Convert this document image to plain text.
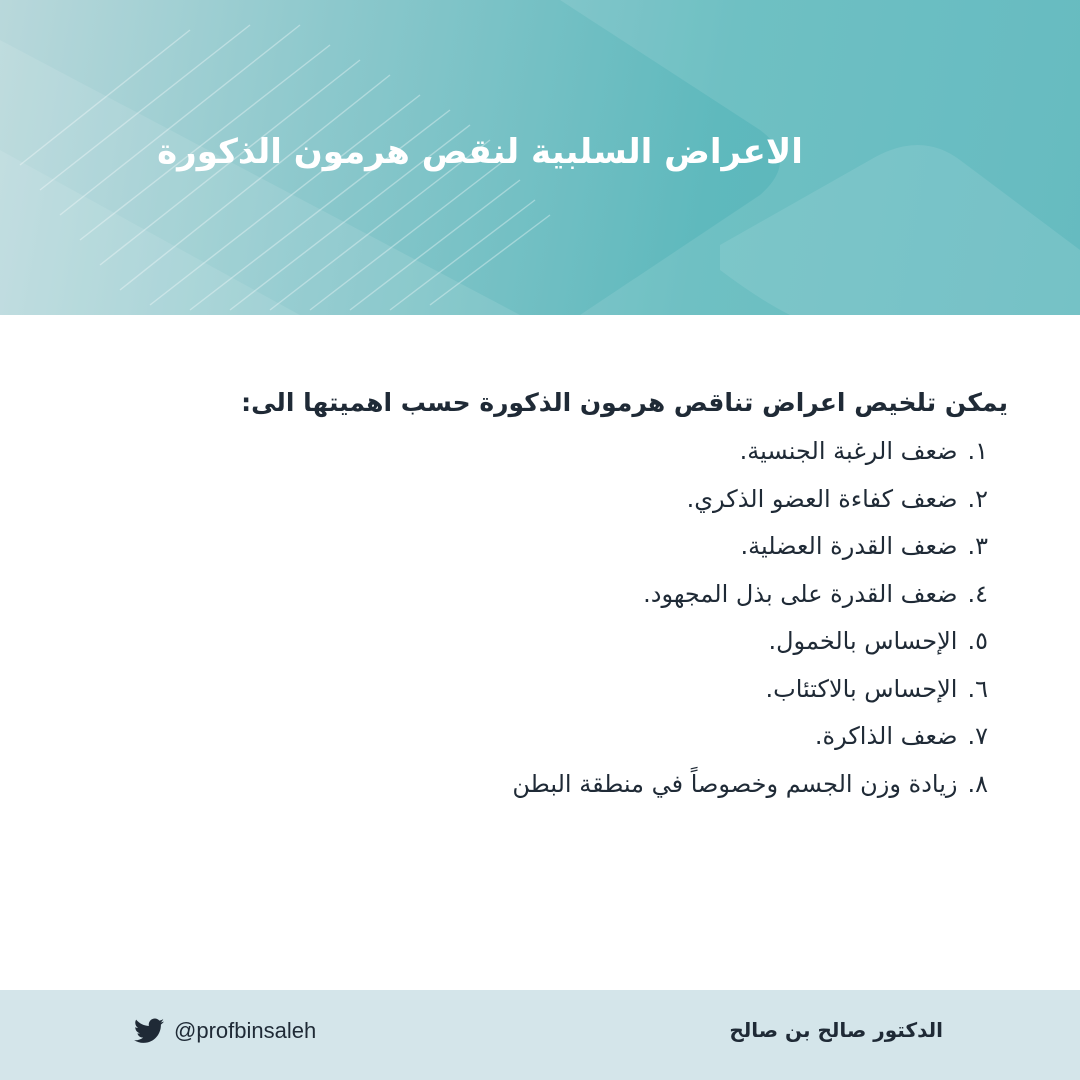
الاعراض السلبية لنقص هرمون الذكورة

يمكن تلخيص اعراض تناقص هرمون الذكورة حسب اهميتها الى:

١.ضعف الرغبة الجنسية.
٢.ضعف كفاءة العضو الذكري.
٣.ضعف القدرة العضلية.
٤.ضعف القدرة على بذل المجهود.
٥.الإحساس بالخمول.
٦.الإحساس بالاكتئاب.
٧.ضعف الذاكرة.
٨.زيادة وزن الجسم وخصوصاً في منطقة البطن
@profbinsaleh	الدكتور صالح بن صالح
